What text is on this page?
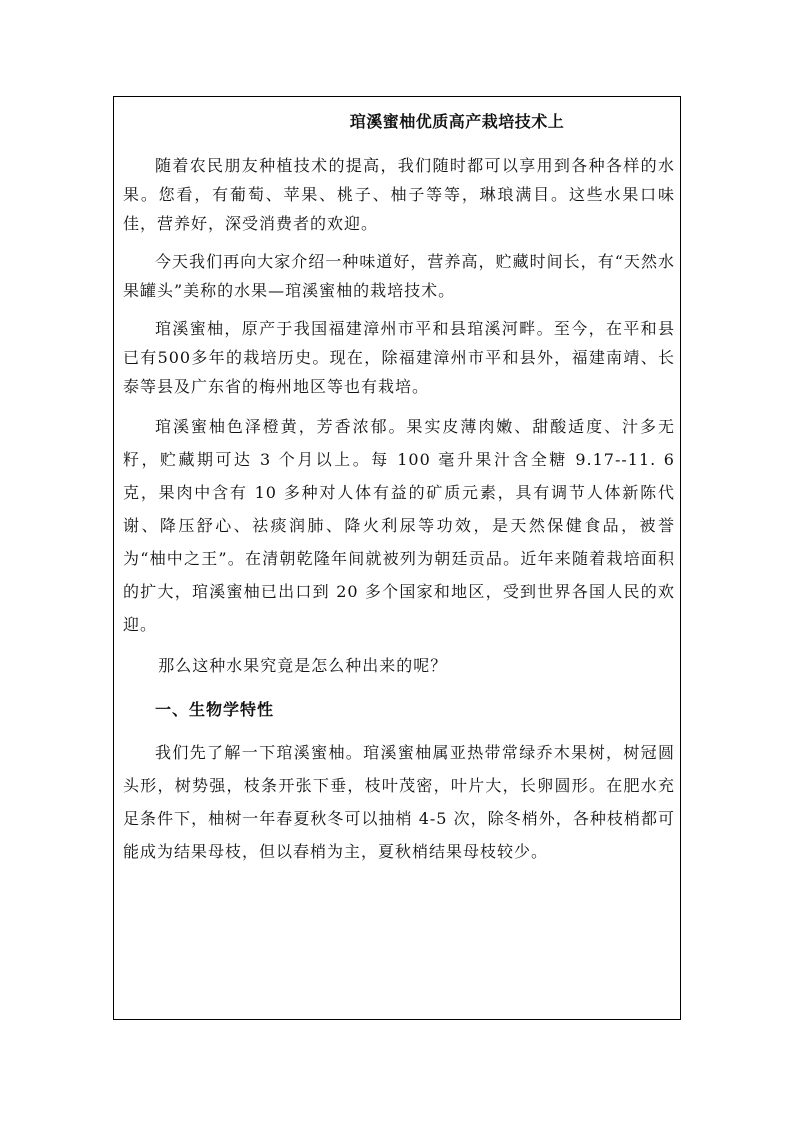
琯溪蜜柚优质高产栽培技术上

随着农民朋友种植技术的提高，我们随时都可以享用到各种各样的水果。您看，有葡萄、苹果、桃子、柚子等等，琳琅满目。这些水果口味佳，营养好，深受消费者的欢迎。

今天我们再向大家介绍一种味道好，营养高，贮藏时间长，有“天然水果罐头”美称的水果—琯溪蜜柚的栽培技术。

琯溪蜜柚，原产于我国福建漳州市平和县琯溪河畔。至今，在平和县已有500多年的栽培历史。现在，除福建漳州市平和县外，福建南靖、长泰等县及广东省的梅州地区等也有栽培。

琯溪蜜柚色泽橙黄，芳香浓郁。果实皮薄肉嫩、甜酸适度、汁多无籽，贮藏期可达 3 个月以上。每 100 毫升果汁含全糖 9.17--11. 6 克，果肉中含有 10 多种对人体有益的矿质元素，具有调节人体新陈代谢、降压舒心、祛痰润肺、降火利尿等功效，是天然保健食品，被誉为“柚中之王”。在清朝乾隆年间就被列为朝廷贡品。近年来随着栽培面积的扩大，琯溪蜜柚已出口到 20 多个国家和地区，受到世界各国人民的欢迎。

那么这种水果究竟是怎么种出来的呢？

一、生物学特性

我们先了解一下琯溪蜜柚。琯溪蜜柚属亚热带常绿乔木果树，树冠圆头形，树势强，枝条开张下垂，枝叶茂密，叶片大，长卵圆形。在肥水充足条件下，柚树一年春夏秋冬可以抽梢 4-5 次，除冬梢外，各种枝梢都可能成为结果母枝，但以春梢为主，夏秋梢结果母枝较少。
